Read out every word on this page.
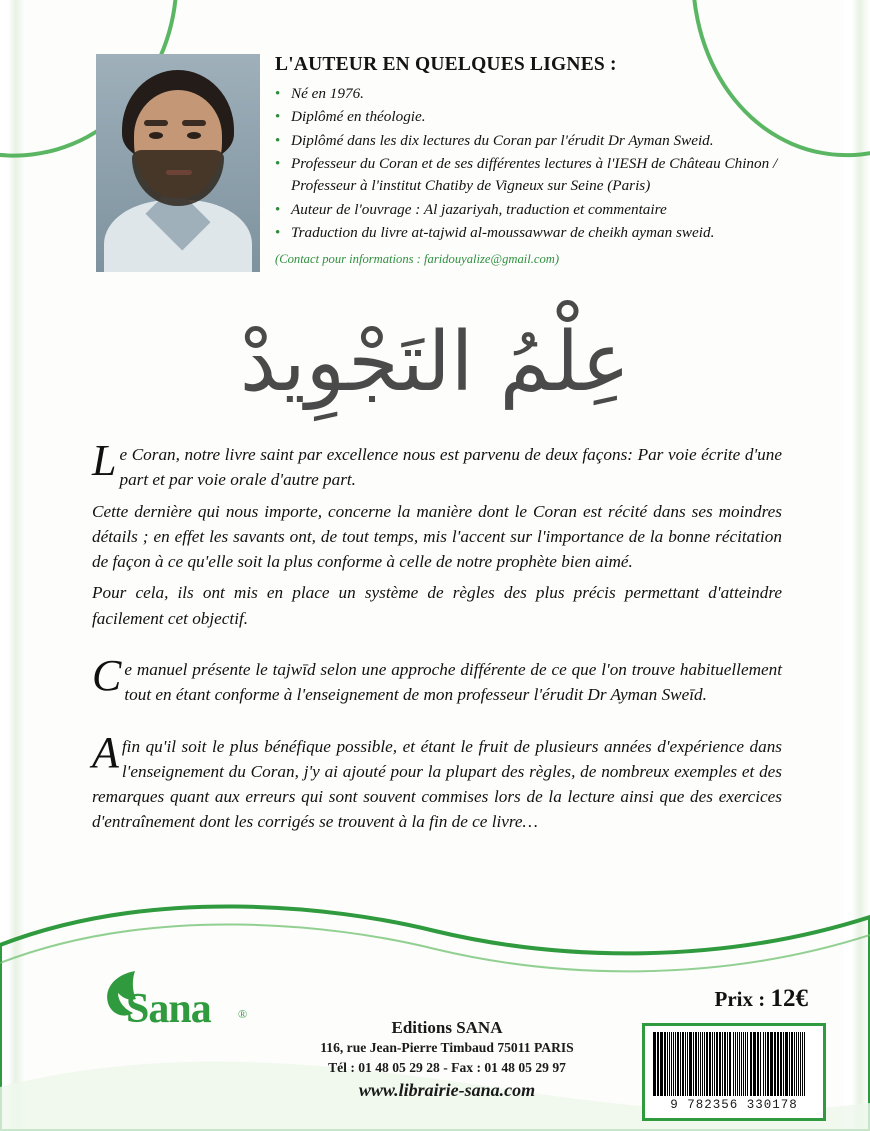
L'AUTEUR EN QUELQUES LIGNES :
• Né en 1976.
• Diplômé en théologie.
• Diplômé dans les dix lectures du Coran par l'érudit Dr Ayman Sweid.
• Professeur du Coran et de ses différentes lectures à l'IESH de Château Chinon / Professeur à l'institut Chatiby de Vigneux sur Seine (Paris)
• Auteur de l'ouvrage : Al jazariyah, traduction et commentaire
• Traduction du livre at-tajwid al-moussawwar de cheikh ayman sweid.
(Contact pour informations : faridouyalize@gmail.com)
عِلْمُ التَجْوِيدْ

Le Coran, notre livre saint par excellence nous est parvenu de deux façons: Par voie écrite d'une part et par voie orale d'autre part.

Cette dernière qui nous importe, concerne la manière dont le Coran est récité dans ses moindres détails ; en effet les savants ont, de tout temps, mis l'accent sur l'importance de la bonne récitation de façon à ce qu'elle soit la plus conforme à celle de notre prophète bien aimé.

Pour cela, ils ont mis en place un système de règles des plus précis permettant d'atteindre facilement cet objectif.

Ce manuel présente le tajwīd selon une approche différente de ce que l'on trouve habituellement tout en étant conforme à l'enseignement de mon professeur l'érudit Dr Ayman Sweīd.

Afin qu'il soit le plus bénéfique possible, et étant le fruit de plusieurs années d'expérience dans l'enseignement du Coran, j'y ai ajouté pour la plupart des règles, de nombreux exemples et des remarques quant aux erreurs qui sont souvent commises lors de la lecture ainsi que des exercices d'entraînement dont les corrigés se trouvent à la fin de ce livre…

Sana ®
Editions SANA
116, rue Jean-Pierre Timbaud 75011 PARIS
Tél : 01 48 05 29 28 - Fax : 01 48 05 29 97
www.librairie-sana.com
Prix : 12€
9 782356 330178
